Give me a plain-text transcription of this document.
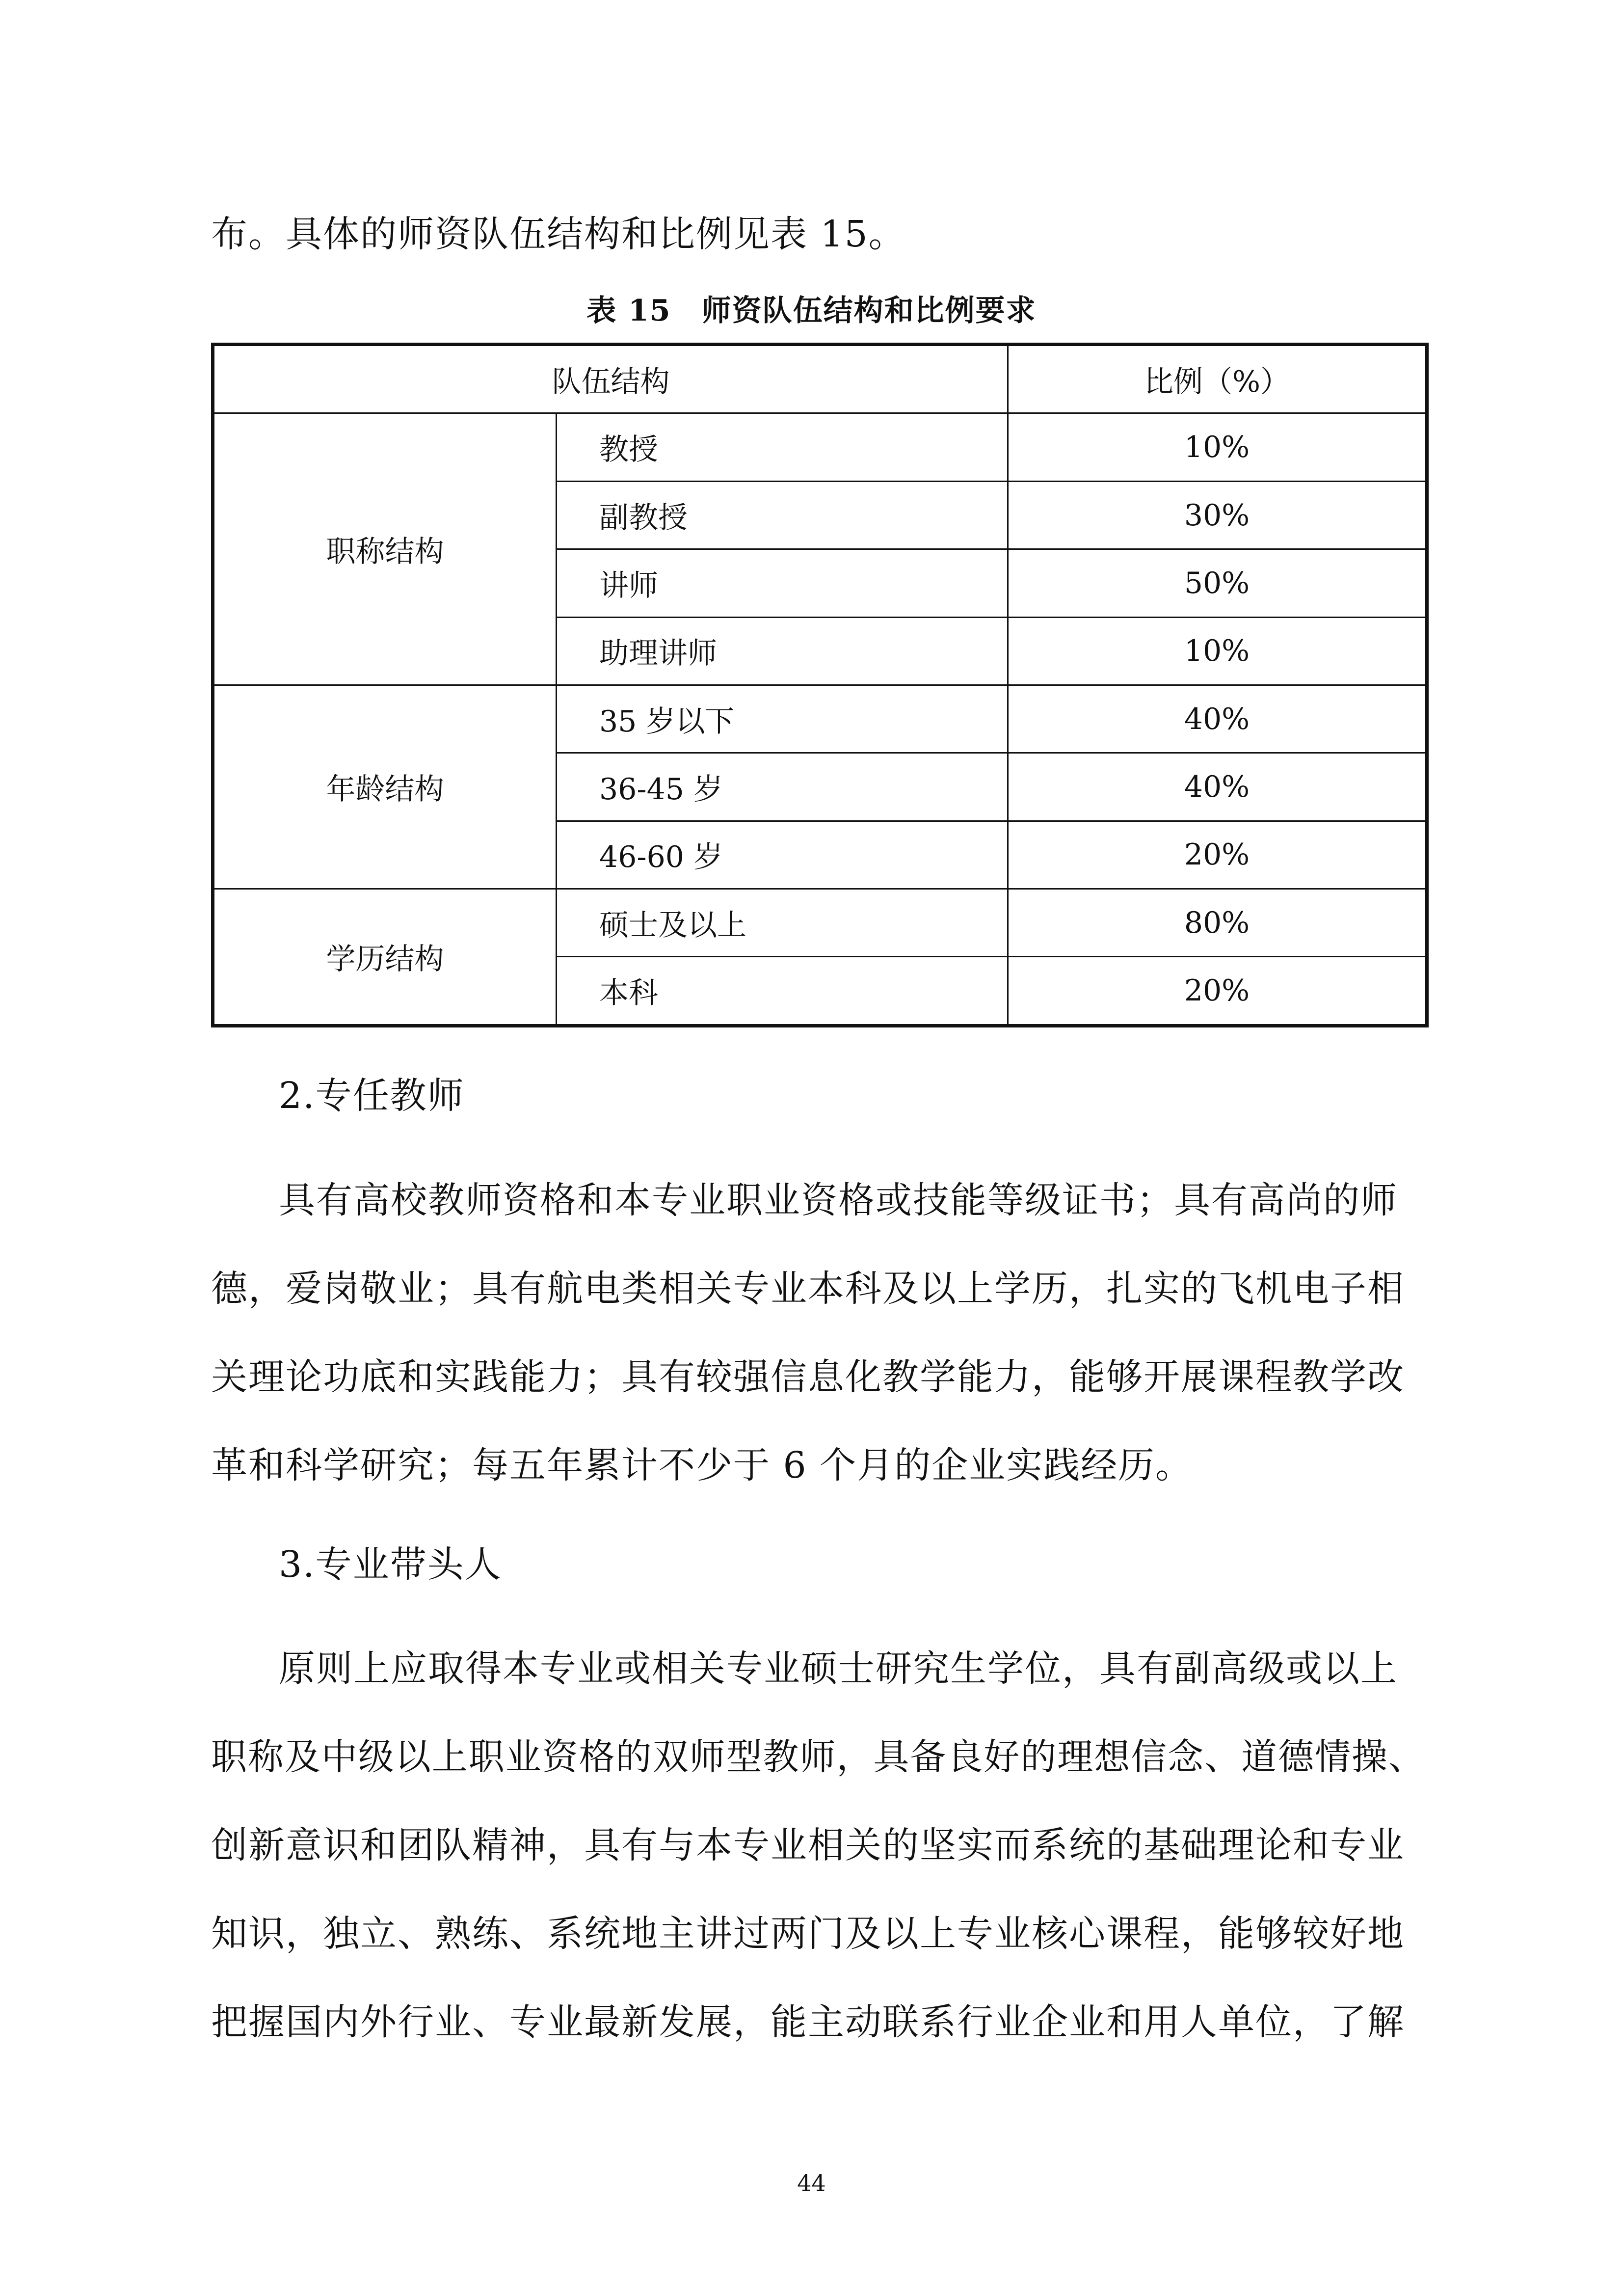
布。具体的师资队伍结构和比例见表 15。
表 15　师资队伍结构和比例要求
队伍结构		比例（%）
职称结构	教授	10%
	副教授	30%
	讲师	50%
	助理讲师	10%
年龄结构	35 岁以下	40%
	36-45 岁	40%
	46-60 岁	20%
学历结构	硕士及以上	80%
	本科	20%
2.专任教师
具有高校教师资格和本专业职业资格或技能等级证书；具有高尚的师
德，爱岗敬业；具有航电类相关专业本科及以上学历，扎实的飞机电子相
关理论功底和实践能力；具有较强信息化教学能力，能够开展课程教学改
革和科学研究；每五年累计不少于 6 个月的企业实践经历。
3.专业带头人
原则上应取得本专业或相关专业硕士研究生学位，具有副高级或以上
职称及中级以上职业资格的双师型教师，具备良好的理想信念、道德情操、
创新意识和团队精神，具有与本专业相关的坚实而系统的基础理论和专业
知识，独立、熟练、系统地主讲过两门及以上专业核心课程，能够较好地
把握国内外行业、专业最新发展，能主动联系行业企业和用人单位，了解
44
